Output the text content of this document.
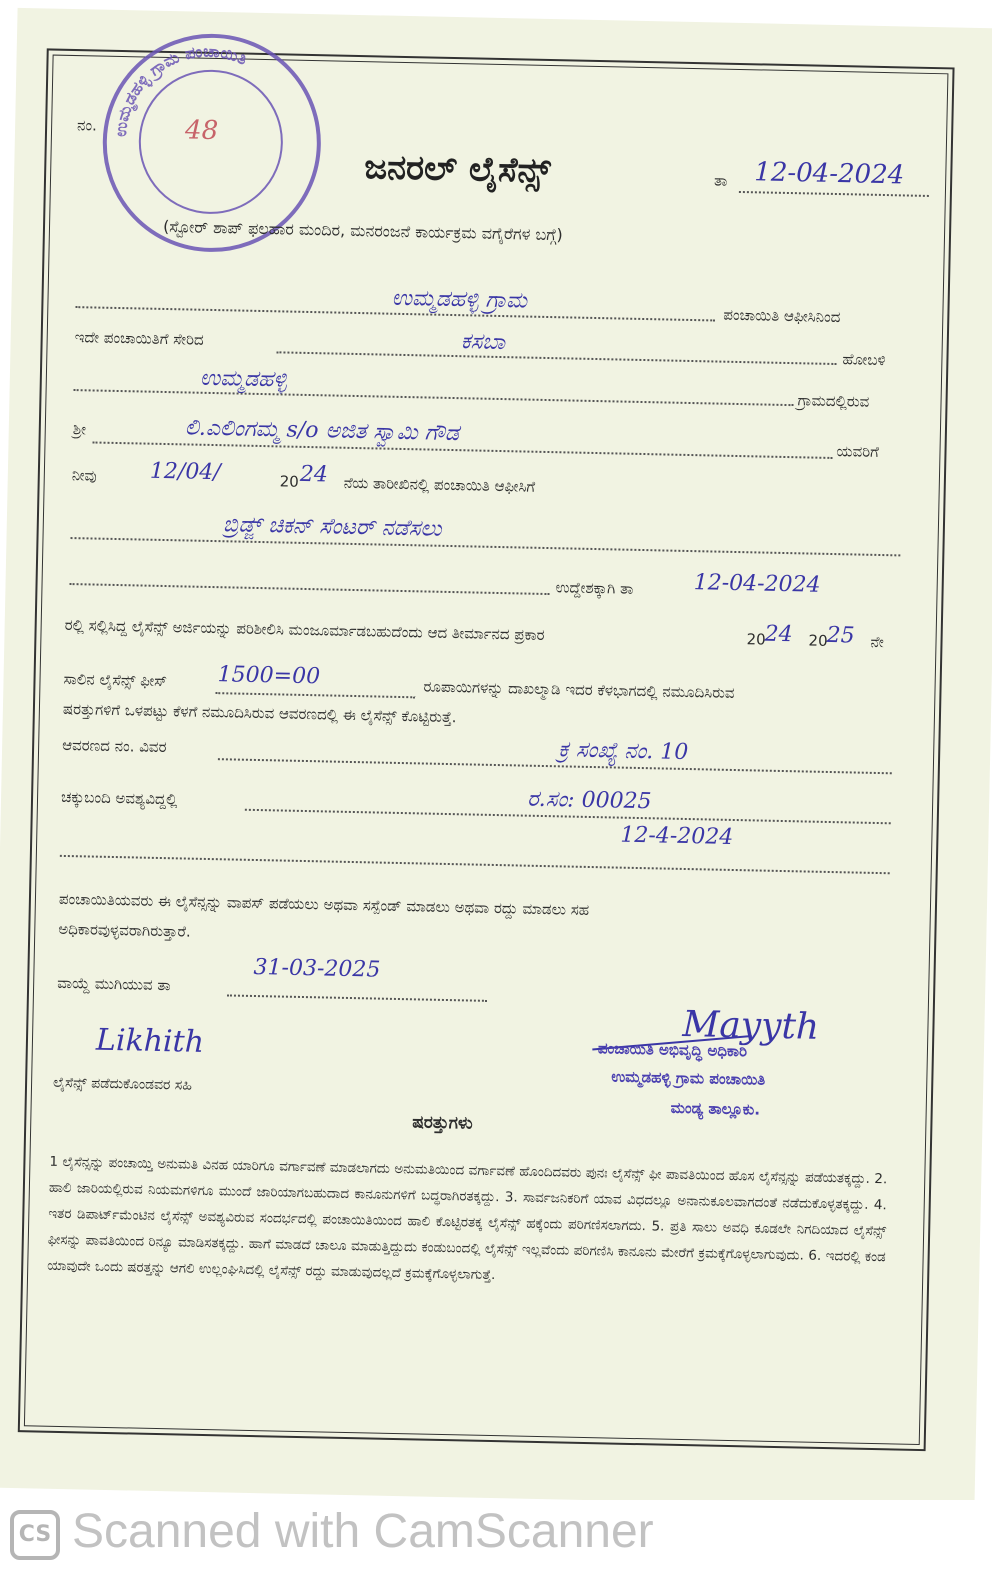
ಉಮ್ಮಡಹಳ್ಳಿ ಗ್ರಾಮ ಪಂಚಾಯಿತಿ
48
ನಂ.
ಜನರಲ್ ಲೈಸೆನ್ಸ್	ತಾ 12-04-2024
(ಸ್ಟೋರ್ ಶಾಪ್ ಫಲಹಾರ ಮಂದಿರ, ಮನರಂಜನೆ ಕಾರ್ಯಕ್ರಮ ವಗೈರೆಗಳ ಬಗ್ಗೆ)
ಉಮ್ಮಡಹಳ್ಳಿ ಗ್ರಾಮ
ಪಂಚಾಯಿತಿ ಆಫೀಸಿನಿಂದ
ಇದೇ ಪಂಚಾಯಿತಿಗೆ ಸೇರಿದ	ಕಸಬಾ
ಹೋಬಳಿ
ಉಮ್ಮಡಹಳ್ಳಿ
ಗ್ರಾಮದಲ್ಲಿರುವ
ಶ್ರೀ	ಲಿ.ಎಲಿಂಗಮ್ಮ s/o ಅಜಿತ ಸ್ವಾಮಿ ಗೌಡ
ಯವರಿಗೆ
ನೀವು 12/04/	20 24 ನೆಯ ತಾರೀಖಿನಲ್ಲಿ ಪಂಚಾಯಿತಿ ಆಫೀಸಿಗೆ
ಬ್ರಿಡ್ಜ್ ಚಿಕನ್ ಸೆಂಟರ್ ನಡೆಸಲು
ಉದ್ದೇಶಕ್ಕಾಗಿ ತಾ	12-04-2024
ರಲ್ಲಿ ಸಲ್ಲಿಸಿದ್ದ ಲೈಸೆನ್ಸ್ ಅರ್ಜಿಯನ್ನು ಪರಿಶೀಲಿಸಿ ಮಂಜೂರ್ಮಾಡಬಹುದೆಂದು ಆದ ತೀರ್ಮಾನದ ಪ್ರಕಾರ	20
24 20
25 ನೇ
ಸಾಲಿನ ಲೈಸೆನ್ಸ್ ಫೀಸ್ 1500=00
ರೂಪಾಯಿಗಳನ್ನು ದಾಖಲ್ಮಾಡಿ ಇದರ ಕೆಳಭಾಗದಲ್ಲಿ ನಮೂದಿಸಿರುವ
ಷರತ್ತುಗಳಿಗೆ ಒಳಪಟ್ಟು ಕೆಳಗೆ ನಮೂದಿಸಿರುವ ಆವರಣದಲ್ಲಿ ಈ ಲೈಸೆನ್ಸ್ ಕೊಟ್ಟಿರುತ್ತೆ.
ಆವರಣದ ನಂ. ವಿವರ	ಕ್ರ ಸಂಖ್ಯೆ ನಂ. 10
ಚಕ್ಕುಬಂದಿ ಅವಶ್ಯವಿದ್ದಲ್ಲಿ	ರ.ಸಂ: 00025
12-4-2024
ಪಂಚಾಯಿತಿಯವರು ಈ ಲೈಸೆನ್ಸನ್ನು ವಾಪಸ್ ಪಡೆಯಲು ಅಥವಾ ಸಸ್ಪೆಂಡ್ ಮಾಡಲು ಅಥವಾ ರದ್ದು ಮಾಡಲು ಸಹ
ಅಧಿಕಾರವುಳ್ಳವರಾಗಿರುತ್ತಾರೆ.
ವಾಯ್ದೆ ಮುಗಿಯುವ ತಾ
31-03-2025
Likhith
ಲೈಸೆನ್ಸ್ ಪಡೆದುಕೊಂಡವರ ಸಹಿ
Mayyth
ಪಂಚಾಯಿತಿ ಅಭಿವೃದ್ಧಿ ಅಧಿಕಾರಿ
ಉಮ್ಮಡಹಳ್ಳಿ ಗ್ರಾಮ ಪಂಚಾಯಿತಿ
ಮಂಡ್ಯ ತಾಲ್ಲೂಕು.
ಷರತ್ತುಗಳು
1 ಲೈಸೆನ್ಸನ್ನು ಪಂಚಾಯ್ತಿ ಅನುಮತಿ ವಿನಹ ಯಾರಿಗೂ ವರ್ಗಾವಣೆ ಮಾಡಲಾಗದು ಅನುಮತಿಯಿಂದ ವರ್ಗಾವಣೆ ಹೊಂದಿದವರು ಪುನಃ ಲೈಸೆನ್ಸ್ ಫೀ ಪಾವತಿಯಿಂದ ಹೊಸ ಲೈಸೆನ್ಸನ್ನು ಪಡೆಯತಕ್ಕದ್ದು. 2. ಹಾಲಿ ಜಾರಿಯಲ್ಲಿರುವ ನಿಯಮಗಳಿಗೂ ಮುಂದೆ ಜಾರಿಯಾಗಬಹುದಾದ ಕಾನೂನುಗಳಿಗೆ ಬದ್ಧರಾಗಿರತಕ್ಕದ್ದು. 3. ಸಾರ್ವಜನಿಕರಿಗೆ ಯಾವ ವಿಧದಲ್ಲೂ ಅನಾನುಕೂಲವಾಗದಂತೆ ನಡೆದುಕೊಳ್ಳತಕ್ಕದ್ದು. 4. ಇತರ ಡಿಪಾರ್ಟ್‌ಮೆಂಟಿನ ಲೈಸೆನ್ಸ್ ಅವಶ್ಯವಿರುವ ಸಂದರ್ಭದಲ್ಲಿ ಪಂಚಾಯಿತಿಯಿಂದ ಹಾಲಿ ಕೊಟ್ಟಿರತಕ್ಕ ಲೈಸೆನ್ಸ್ ಹಕ್ಕೆಂದು ಪರಿಗಣಿಸಲಾಗದು. 5. ಪ್ರತಿ ಸಾಲು ಅವಧಿ ಕೂಡಲೇ ನಿಗದಿಯಾದ ಲೈಸೆನ್ಸ್ ಫೀಸನ್ನು ಪಾವತಿಯಿಂದ ರಿನ್ಯೂ ಮಾಡಿಸತಕ್ಕದ್ದು. ಹಾಗೆ ಮಾಡದೆ ಚಾಲೂ ಮಾಡುತ್ತಿದ್ದುದು ಕಂಡುಬಂದಲ್ಲಿ ಲೈಸೆನ್ಸ್ ಇಲ್ಲವೆಂದು ಪರಿಗಣಿಸಿ ಕಾನೂನು ಮೇರೆಗೆ ಕ್ರಮಕ್ಕೆಗೊಳ್ಳಲಾಗುವುದು. 6. ಇದರಲ್ಲಿ ಕಂಡ ಯಾವುದೇ ಒಂದು ಷರತ್ತನ್ನು ಆಗಲಿ ಉಲ್ಲಂಘಿಸಿದಲ್ಲಿ ಲೈಸೆನ್ಸ್ ರದ್ದು ಮಾಡುವುದಲ್ಲದೆ ಕ್ರಮಕ್ಕೆಗೊಳ್ಳಲಾಗುತ್ತೆ.
CS Scanned with CamScanner
